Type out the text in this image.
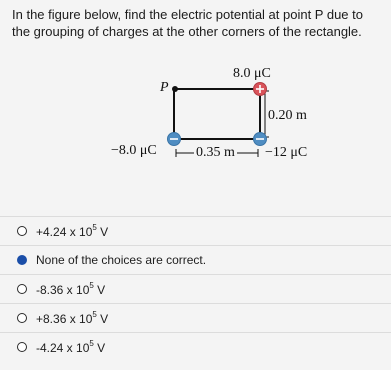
In the figure below, find the electric potential at point P due to the grouping of charges at the other corners of the rectangle.
P
8.0 μC
0.20 m
−8.0 μC	0.35 m −12 μC
+4.24 x $10^5$ V
None of the choices are correct.
-8.36 x $10^5$ V
+8.36 x $10^5$ V
-4.24 x $10^5$ V
